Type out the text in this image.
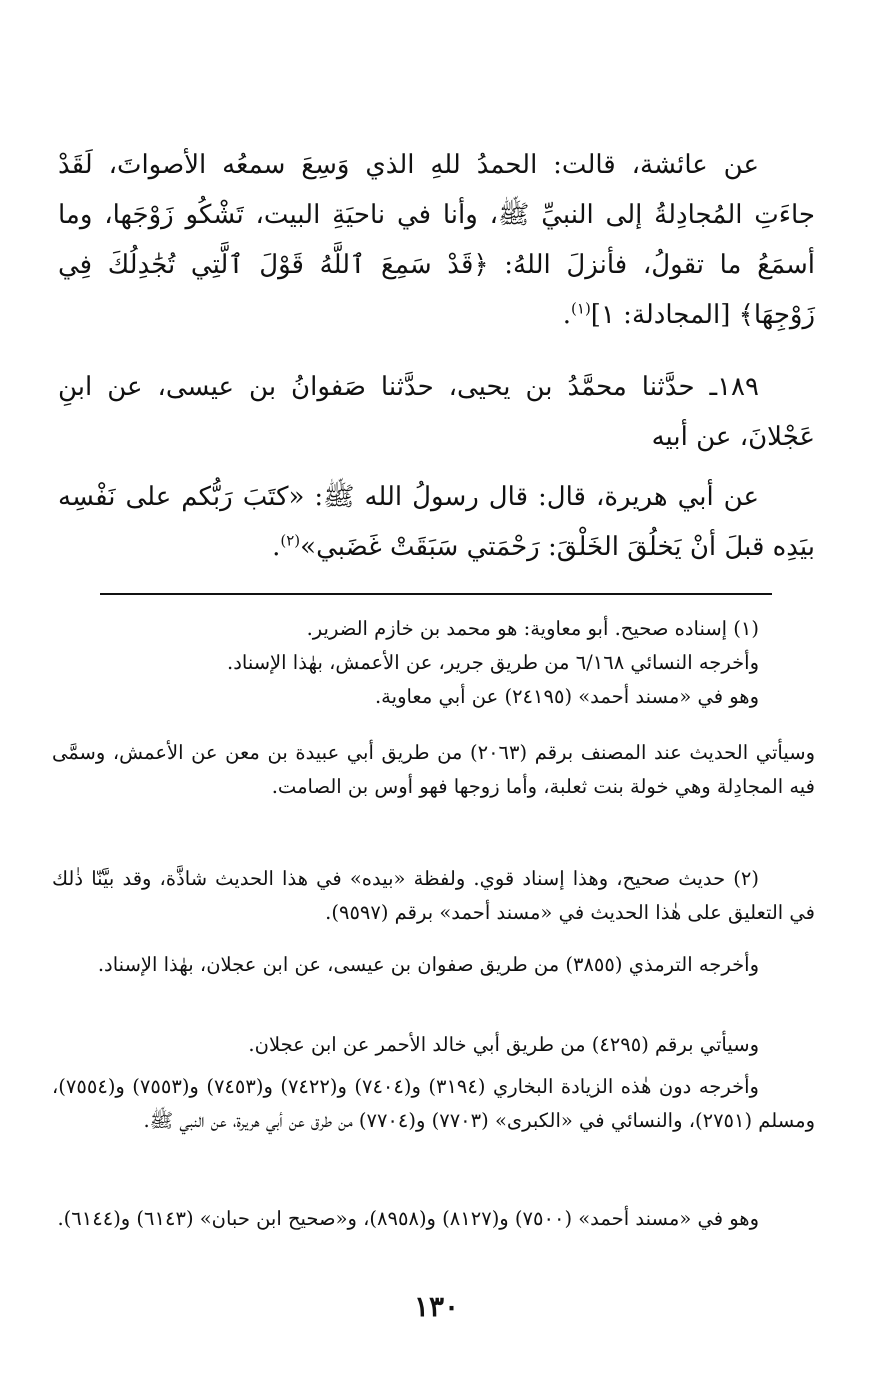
عن عائشة، قالت: الحمدُ للهِ الذي وَسِعَ سمعُه الأصواتَ، لَقَدْ جاءَتِ المُجادِلةُ إلى النبيِّ ﷺ، وأنا في ناحيَةِ البيت، تَشْكُو زَوْجَها، وما أسمَعُ ما تقولُ، فأنزلَ اللهُ: ﴿قَدْ سَمِعَ ٱللَّهُ قَوْلَ ٱلَّتِي تُجَٰدِلُكَ فِي زَوْجِهَا﴾ [المجادلة: ١]$^{(١)}$.
١٨٩ـ حدَّثنا محمَّدُ بن يحيى، حدَّثنا صَفوانُ بن عيسى، عن ابنِ عَجْلانَ، عن أبيه
عن أبي هريرة، قال: قال رسولُ الله ﷺ: «كتَبَ رَبُّكم على نَفْسِه بيَدِه قبلَ أنْ يَخلُقَ الخَلْقَ: رَحْمَتي سَبَقَتْ غَضَبي»$^{(٢)}$.
(١) إسناده صحيح. أبو معاوية: هو محمد بن خازم الضرير.
وأخرجه النسائي ٦/١٦٨ من طريق جرير، عن الأعمش، بهٰذا الإسناد.
وهو في «مسند أحمد» (٢٤١٩٥) عن أبي معاوية.
وسيأتي الحديث عند المصنف برقم (٢٠٦٣) من طريق أبي عبيدة بن معن عن الأعمش، وسمَّى فيه المجادِلة وهي خولة بنت ثعلبة، وأما زوجها فهو أوس بن الصامت.
(٢) حديث صحيح، وهذا إسناد قوي. ولفظة «بيده» في هذا الحديث شاذَّة، وقد بيَّنّا ذٰلك في التعليق على هٰذا الحديث في «مسند أحمد» برقم (٩٥٩٧).
وأخرجه الترمذي (٣٨٥٥) من طريق صفوان بن عيسى، عن ابن عجلان، بهٰذا الإسناد.
وسيأتي برقم (٤٢٩٥) من طريق أبي خالد الأحمر عن ابن عجلان.
وأخرجه دون هٰذه الزيادة البخاري (٣١٩٤) و(٧٤٠٤) و(٧٤٢٢) و(٧٤٥٣) و(٧٥٥٣) و(٧٥٥٤)، ومسلم (٢٧٥١)، والنسائي في «الكبرى» (٧٧٠٣) و(٧٧٠٤) من طرق عن أبي هريرة، عن النبي ﷺ.
وهو في «مسند أحمد» (٧٥٠٠) و(٨١٢٧) و(٨٩٥٨)، و«صحيح ابن حبان» (٦١٤٣) و(٦١٤٤).
١٣٠
